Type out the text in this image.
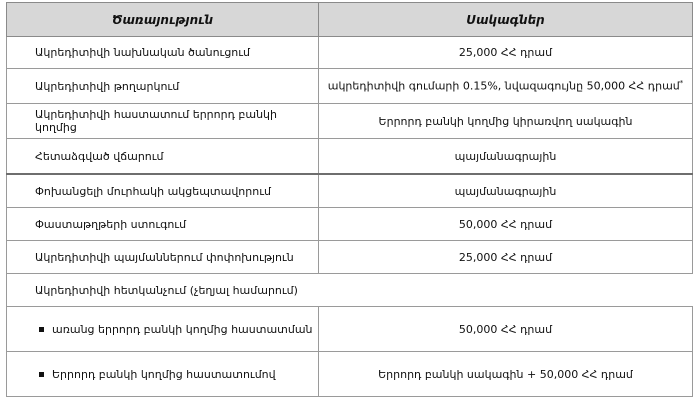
Ծառայություն	Սակագներ
Ակրեդիտիվի նախնական ծանուցում	25,000 ՀՀ դրամ
Ակրեդիտիվի թողարկում	ակրեդիտիվի գումարի 0.15%, նվազագույնը 50,000 ՀՀ դրամ*
Ակրեդիտիվի հաստատում երրորդ բանկի կողմից	Երրորդ բանկի կողմից կիրառվող սակագին
Հետաձգված վճարում	պայմանագրային
Փոխանցելի մուրհակի ակցեպտավորում	պայմանագրային
Փաստաթղթերի ստուգում	50,000 ՀՀ դրամ
Ակրեդիտիվի պայմաններում փոփոխություն	25,000 ՀՀ դրամ
Ակրեդիտիվի հետկանչում (չեղյալ համարում)	
առանց երրորդ բանկի կողմից հաստատման	50,000 ՀՀ դրամ
Երրորդ բանկի կողմից հաստատումով	Երրորդ բանկի սակագին + 50,000 ՀՀ դրամ
